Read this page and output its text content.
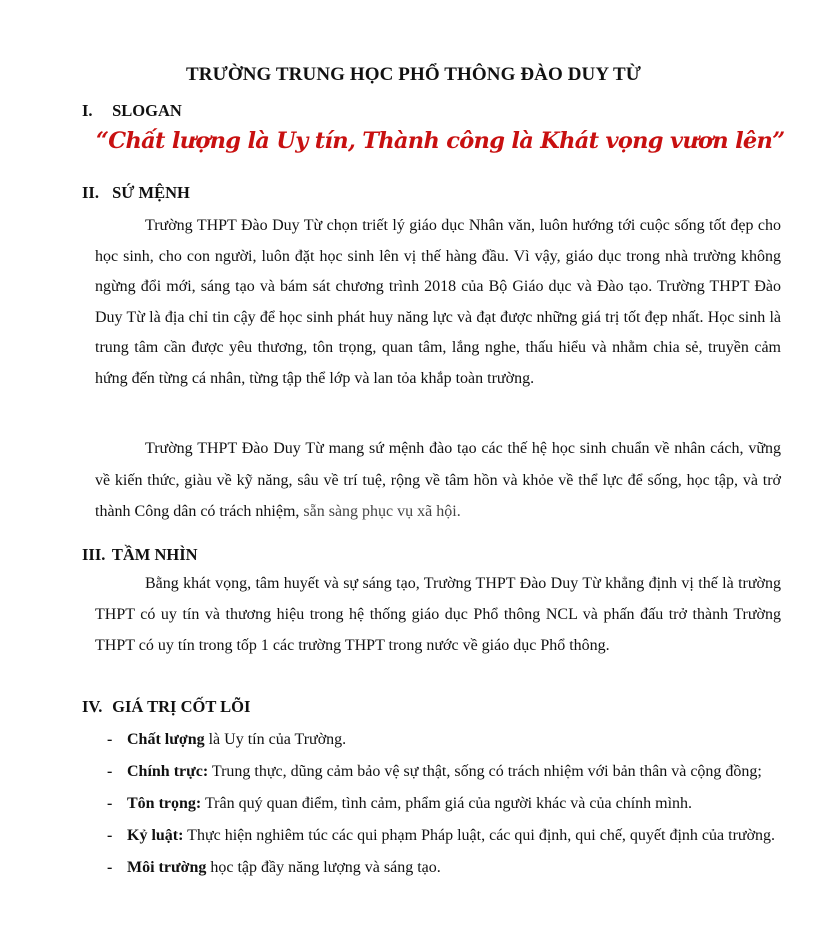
TRƯỜNG TRUNG HỌC PHỔ THÔNG ĐÀO DUY TỪ
I. SLOGAN
“Chất lượng là Uy tín, Thành công là Khát vọng vươn lên”
II. SỨ MỆNH

Trường THPT Đào Duy Từ chọn triết lý giáo dục Nhân văn, luôn hướng tới cuộc sống tốt đẹp cho học sinh, cho con người, luôn đặt học sinh lên vị thế hàng đầu. Vì vậy, giáo dục trong nhà trường không ngừng đổi mới, sáng tạo và bám sát chương trình 2018 của Bộ Giáo dục và Đào tạo. Trường THPT Đào Duy Từ là địa chỉ tin cậy để học sinh phát huy năng lực và đạt được những giá trị tốt đẹp nhất. Học sinh là trung tâm cần được yêu thương, tôn trọng, quan tâm, lắng nghe, thấu hiểu và nhằm chia sẻ, truyền cảm hứng đến từng cá nhân, từng tập thể lớp và lan tỏa khắp toàn trường.

Trường THPT Đào Duy Từ mang sứ mệnh đào tạo các thế hệ học sinh chuẩn về nhân cách, vững về kiến thức, giàu về kỹ năng, sâu về trí tuệ, rộng về tâm hồn và khỏe về thể lực để sống, học tập, và trở thành Công dân có trách nhiệm, sẵn sàng phục vụ xã hội.

III. TẦM NHÌN

Bằng khát vọng, tâm huyết và sự sáng tạo, Trường THPT Đào Duy Từ khẳng định vị thế là trường THPT có uy tín và thương hiệu trong hệ thống giáo dục Phổ thông NCL và phấn đấu trở thành Trường THPT có uy tín trong tốp 1 các trường THPT trong nước về giáo dục Phổ thông.

IV. GIÁ TRỊ CỐT LÕI
- Chất lượng là Uy tín của Trường.
- Chính trực: Trung thực, dũng cảm bảo vệ sự thật, sống có trách nhiệm với bản thân và cộng đồng;
- Tôn trọng: Trân quý quan điểm, tình cảm, phẩm giá của người khác và của chính mình.
- Kỷ luật: Thực hiện nghiêm túc các qui phạm Pháp luật, các qui định, qui chế, quyết định của trường.
- Môi trường học tập đầy năng lượng và sáng tạo.
